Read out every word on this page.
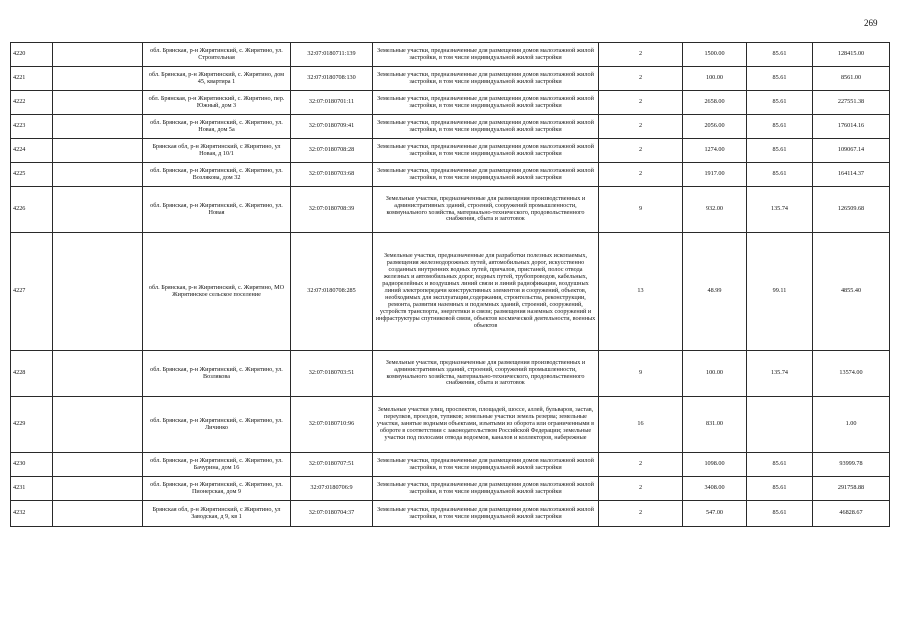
269
4220		обл. Брянская, р-н Жирятинский, с. Жирятино, ул. Строительная	32:07:0180711:139	Земельные участки, предназначенные для размещения домов малоэтажной жилой застройки, в том числе индивидуальной жилой застройки	2	1500.00	85.61	128415.00
4221		обл. Брянская, р-н Жирятинский, с. Жирятино, дом 45, квартира 1	32:07:0180708:130	Земельные участки, предназначенные для размещения домов малоэтажной жилой застройки, в том числе индивидуальной жилой застройки	2	100.00	85.61	8561.00
4222		обл. Брянская, р-н Жирятинский, с. Жирятино, пер. Южный, дом 3	32:07:0180701:11	Земельные участки, предназначенные для размещения домов малоэтажной жилой застройки, в том числе индивидуальной жилой застройки	2	2658.00	85.61	227551.38
4223		обл. Брянская, р-н Жирятинский, с. Жирятино, ул. Новая, дом 5а	32:07:0180709:41	Земельные участки, предназначенные для размещения домов малоэтажной жилой застройки, в том числе индивидуальной жилой застройки	2	2056.00	85.61	176014.16
4224		Брянская обл, р-н Жирятинский, с Жирятино, ул Новая, д 10/1	32:07:0180708:28	Земельные участки, предназначенные для размещения домов малоэтажной жилой застройки, в том числе индивидуальной жилой застройки	2	1274.00	85.61	109067.14
4225		обл. Брянская, р-н Жирятинский, с. Жирятино, ул. Возлякова, дом 32	32:07:0180703:68	Земельные участки, предназначенные для размещения домов малоэтажной жилой застройки, в том числе индивидуальной жилой застройки	2	1917.00	85.61	164114.37
4226		обл. Брянская, р-н Жирятинский, с. Жирятино, ул. Новая	32:07:0180708:39	Земельные участки, предназначенные для размещения производственных и административных зданий, строений, сооружений промышленности, коммунального хозяйства, материально-технического, продовольственного снабжения, сбыта и заготовок	9	932.00	135.74	126509.68
4227		обл. Брянская, р-н Жирятинский, с. Жирятино, МО Жирятинское сельское поселение	32:07:0180708:285	Земельные участки, предназначенные для разработки полезных ископаемых, размещения железнодорожных путей, автомобильных дорог, искусственно созданных внутренних водных путей, причалов, пристаней, полос отвода железных и автомобильных дорог, водных путей, трубопроводов, кабельных, радиорелейных и воздушных линий связи и линий радиофикации, воздушных линий электропередачи конструктивных элементов и сооружений, объектов, необходимых для эксплуатации,содержания, строительства, реконструкции, ремонта, развития наземных и подземных зданий, строений, сооружений, устройств транспорта, энергетики и связи; размещения наземных сооружений и инфраструктуры спутниковой связи, объектов космической деятельности, военных объектов	13	48.99	99.11	4855.40
4228		обл. Брянская, р-н Жирятинский, с. Жирятино, ул. Возлякова	32:07:0180703:51	Земельные участки, предназначенные для размещения производственных и административных зданий, строений, сооружений промышленности, коммунального хозяйства, материально-технического, продовольственного снабжения, сбыта и заготовок	9	100.00	135.74	13574.00
4229		обл. Брянская, р-н Жирятинский, с. Жирятино, ул. Личинко	32:07:0180710:96	Земельные участки улиц, проспектов, площадей, шоссе, аллей, бульваров, застав, переулков, проездов, тупиков; земельные участки земель резерва; земельные участки, занятые водными объектами, изъятыми из оборота или ограниченными в обороте в соответствии с законодательством Российской Федерации; земельные участки под полосами отвода водоемов, каналов и коллекторов, набережные	16	831.00		1.00
4230		обл. Брянская, р-н Жирятинский, с. Жирятино, ул. Бачурина, дом 16	32:07:0180707:51	Земельные участки, предназначенные для размещения домов малоэтажной жилой застройки, в том числе индивидуальной жилой застройки	2	1098.00	85.61	93999.78
4231		обл. Брянская, р-н Жирятинский, с. Жирятино, ул. Пионерская, дом 9	32:07:0180706:9	Земельные участки, предназначенные для размещения домов малоэтажной жилой застройки, в том числе индивидуальной жилой застройки	2	3408.00	85.61	291758.88
4232		Брянская обл, р-н Жирятинский, с Жирятино, ул Заводская, д 9, кв 1	32:07:0180704:37	Земельные участки, предназначенные для размещения домов малоэтажной жилой застройки, в том числе индивидуальной жилой застройки	2	547.00	85.61	46828.67
